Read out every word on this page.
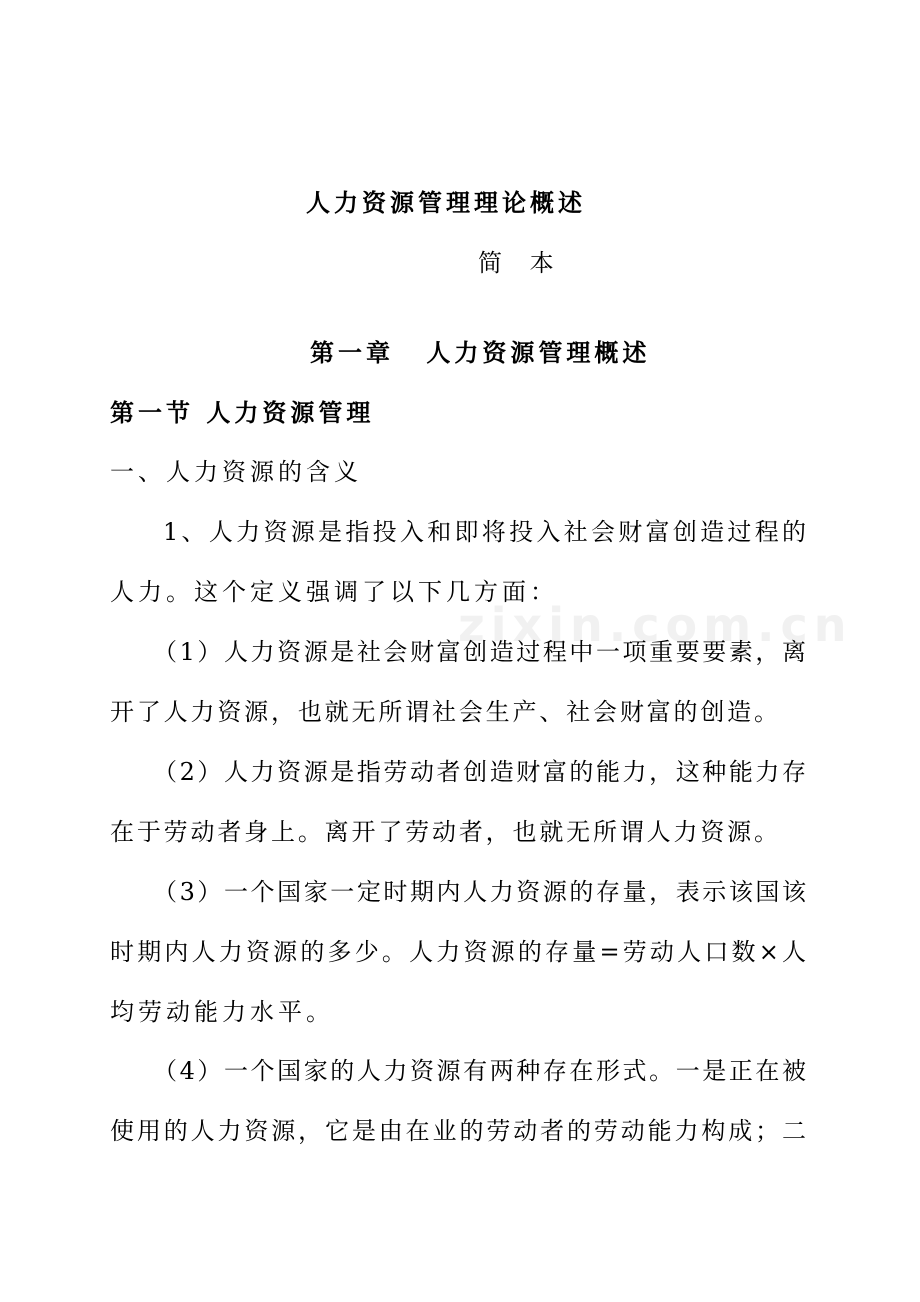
人力资源管理理论概述
简 本
第一章 人力资源管理概述
第一节 人力资源管理
一、人力资源的含义
1、人力资源是指投入和即将投入社会财富创造过程的
人力。这个定义强调了以下几方面：
zixin.com.cn
（1）人力资源是社会财富创造过程中一项重要要素，离
开了人力资源，也就无所谓社会生产、社会财富的创造。
（2）人力资源是指劳动者创造财富的能力，这种能力存
在于劳动者身上。离开了劳动者，也就无所谓人力资源。
（3）一个国家一定时期内人力资源的存量，表示该国该
时期内人力资源的多少。人力资源的存量=劳动人口数×人
均劳动能力水平。
（4）一个国家的人力资源有两种存在形式。一是正在被
使用的人力资源，它是由在业的劳动者的劳动能力构成；二
